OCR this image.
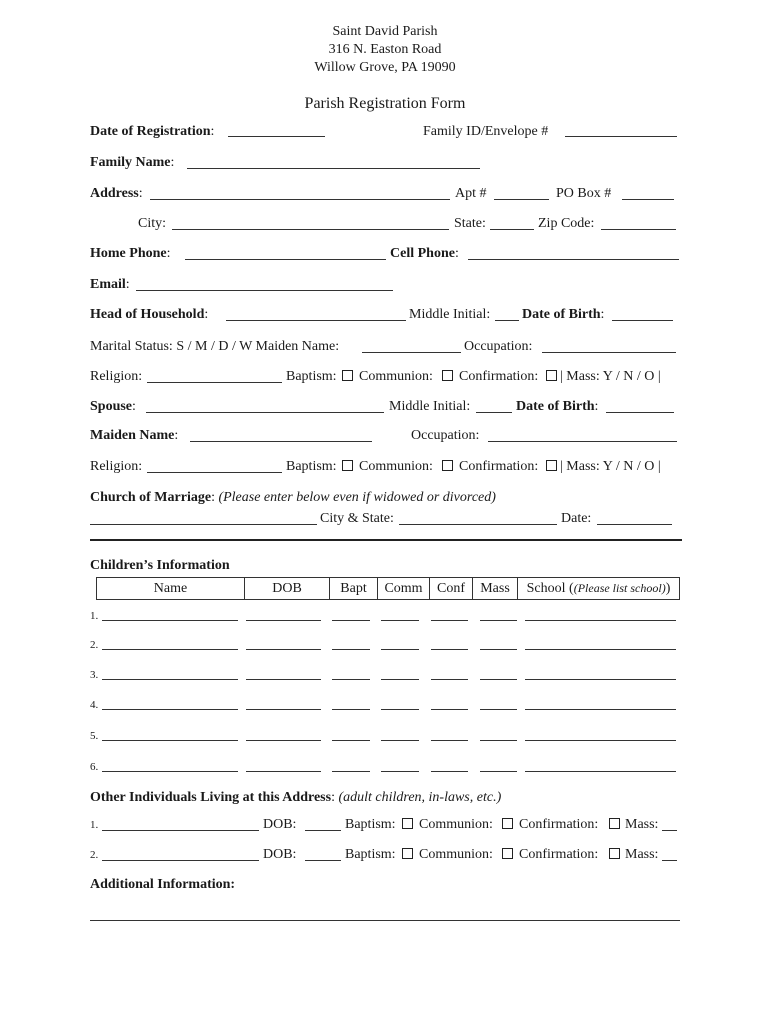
Saint David Parish
316 N. Easton Road
Willow Grove, PA 19090
Parish Registration Form
Date of Registration:	Family ID/Envelope #
Family Name:
Address:	Apt #	PO Box #
City:	State:	Zip Code:
Home Phone:	Cell Phone:
Email:
Head of Household:	Middle Initial: Date of Birth:
Marital Status: S / M / D / W Maiden Name:	Occupation:
Religion:	Baptism: Communion: Confirmation: | Mass: Y / N / O |
Spouse:	Middle Initial:	Date of Birth:
Maiden Name:	Occupation:
Religion:	Baptism: Communion: Confirmation: | Mass: Y / N / O |
Church of Marriage: (Please enter below even if widowed or divorced)
City & State:	Date:
Children’s Information
Name	DOB	Bapt	Comm	Conf	Mass	School ( (Please list school) )
1.
2.
3.
4.
5.
6.
Other Individuals Living at this Address: (adult children, in-laws, etc.)
1.	DOB:	Baptism: Communion: Confirmation: Mass:
2.	DOB:	Baptism: Communion: Confirmation: Mass:
Additional Information:
